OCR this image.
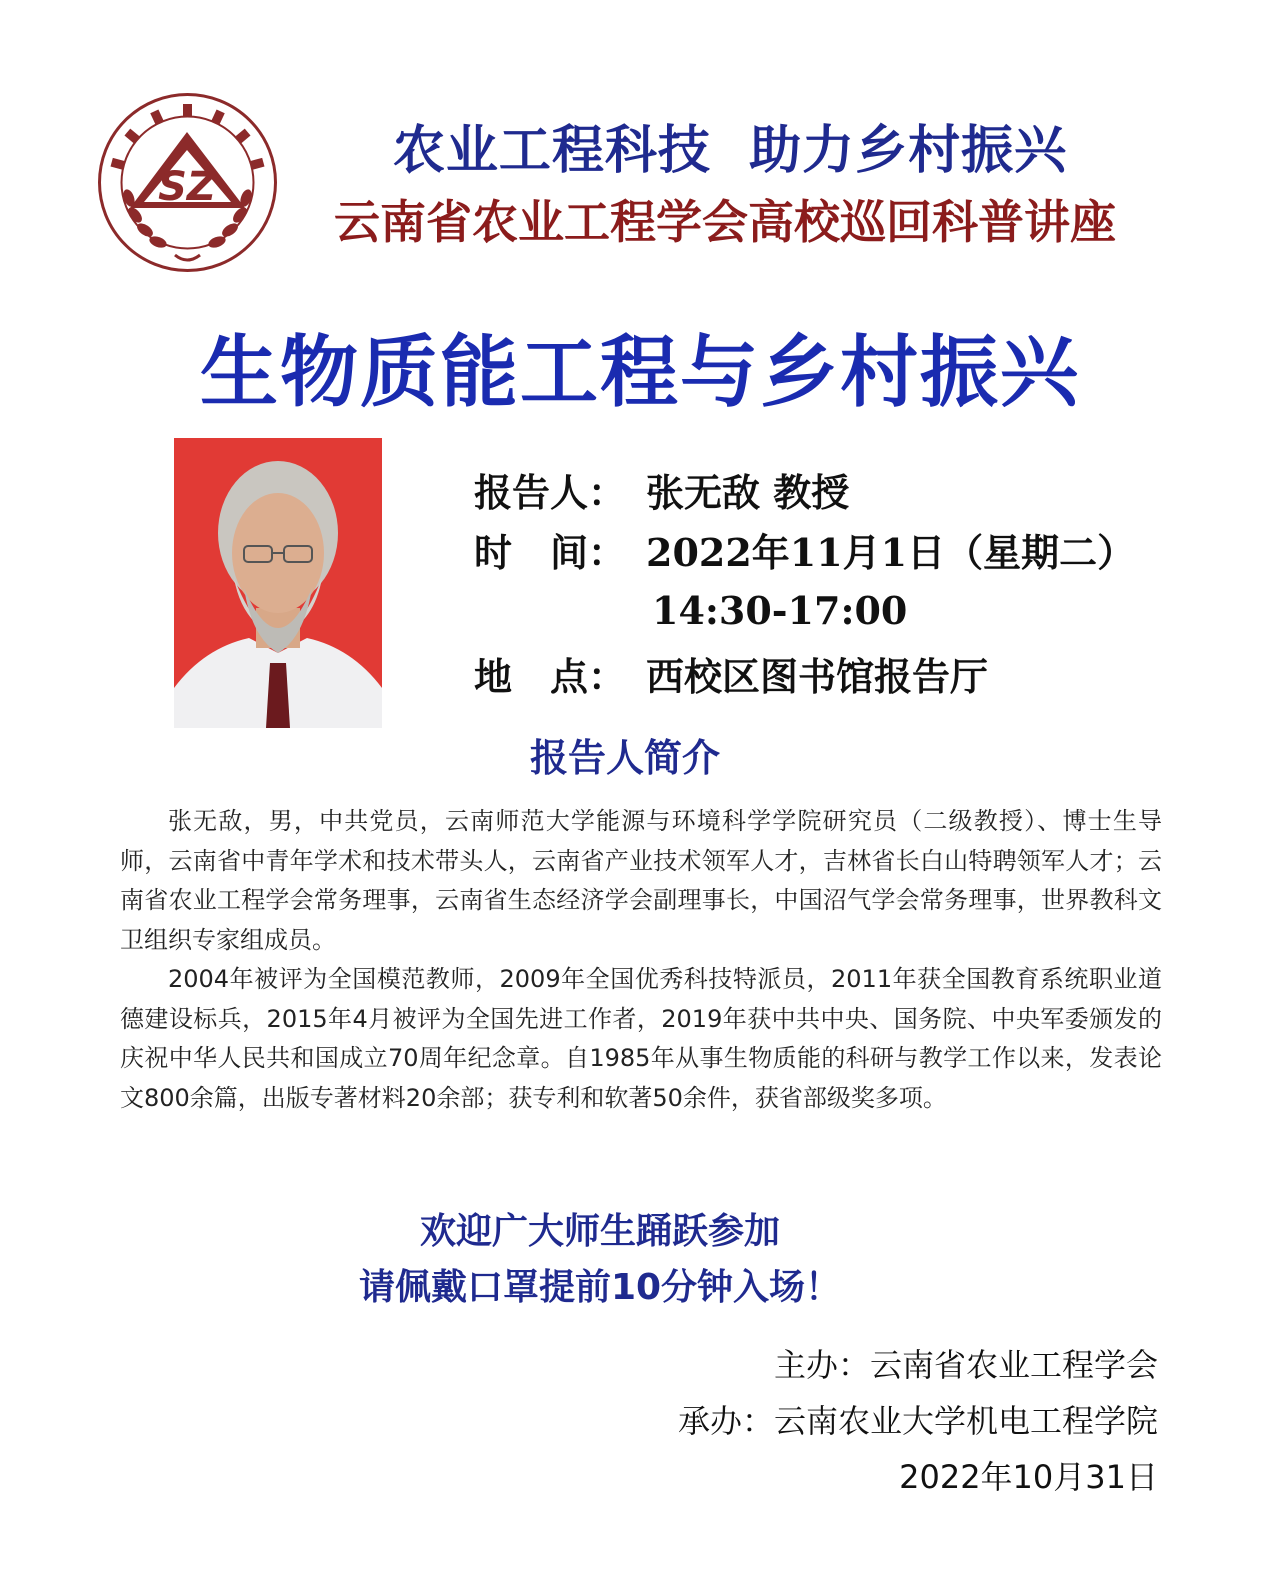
SZ
农业工程科技  助力乡村振兴
云南省农业工程学会高校巡回科普讲座
生物质能工程与乡村振兴
报告人： 张无敌 教授
时　间： 2022年11月1日（星期二）
14:30-17:00
地　点： 西校区图书馆报告厅
报告人简介

张无敌，男，中共党员，云南师范大学能源与环境科学学院研究员（二级教授）、博士生导师，云南省中青年学术和技术带头人，云南省产业技术领军人才，吉林省长白山特聘领军人才；云南省农业工程学会常务理事，云南省生态经济学会副理事长，中国沼气学会常务理事，世界教科文卫组织专家组成员。

2004年被评为全国模范教师，2009年全国优秀科技特派员，2011年获全国教育系统职业道德建设标兵，2015年4月被评为全国先进工作者，2019年获中共中央、国务院、中央军委颁发的庆祝中华人民共和国成立70周年纪念章。自1985年从事生物质能的科研与教学工作以来，发表论文800余篇，出版专著材料20余部；获专利和软著50余件，获省部级奖多项。

欢迎广大师生踊跃参加
请佩戴口罩提前10分钟入场！
主办：云南省农业工程学会
承办：云南农业大学机电工程学院
2022年10月31日
